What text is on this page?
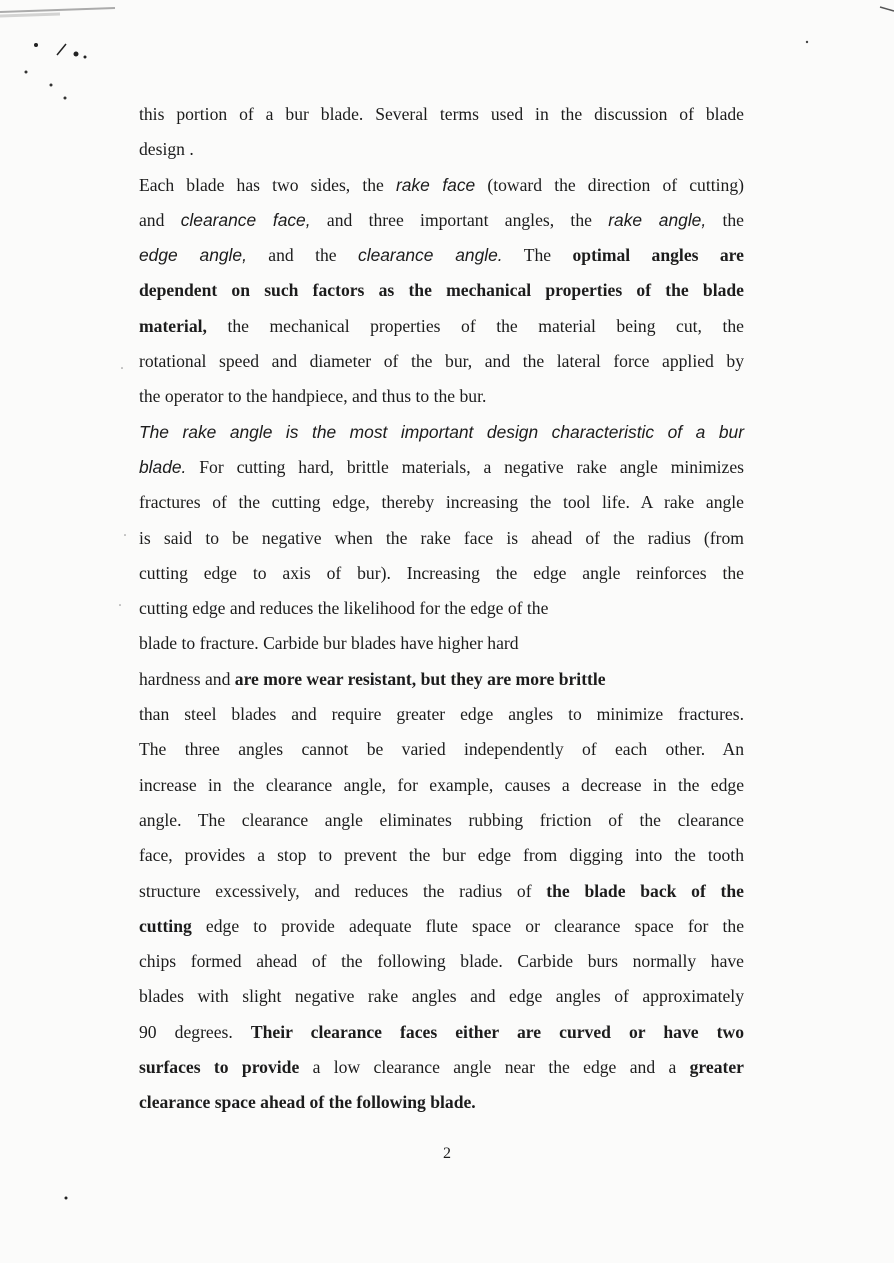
this portion of a bur blade. Several terms used in the discussion of blade
design .
Each blade has two sides, the rake face (toward the direction of cutting)
and clearance face, and three important angles, the rake angle, the
edge angle, and the clearance angle. The optimal angles are
dependent on such factors as the mechanical properties of the blade
material, the mechanical properties of the material being cut, the
rotational speed and diameter of the bur, and the lateral force applied by
the operator to the handpiece, and thus to the bur.
The rake angle is the most important design characteristic of a bur
blade. For cutting hard, brittle materials, a negative rake angle minimizes
fractures of the cutting edge, thereby increasing the tool life. A rake angle
is said to be negative when the rake face is ahead of the radius (from
cutting edge to axis of bur). Increasing the edge angle reinforces the
cutting edge and reduces the likelihood for the edge of the
blade to fracture. Carbide bur blades have higher hard
hardness and are more wear resistant, but they are more brittle
than steel blades and require greater edge angles to minimize fractures.
The three angles cannot be varied independently of each other. An
increase in the clearance angle, for example, causes a decrease in the edge
angle. The clearance angle eliminates rubbing friction of the clearance
face, provides a stop to prevent the bur edge from digging into the tooth
structure excessively, and reduces the radius of the blade back of the
cutting edge to provide adequate flute space or clearance space for the
chips formed ahead of the following blade. Carbide burs normally have
blades with slight negative rake angles and edge angles of approximately
90 degrees. Their clearance faces either are curved or have two
surfaces to provide a low clearance angle near the edge and a greater
clearance space ahead of the following blade.
2
